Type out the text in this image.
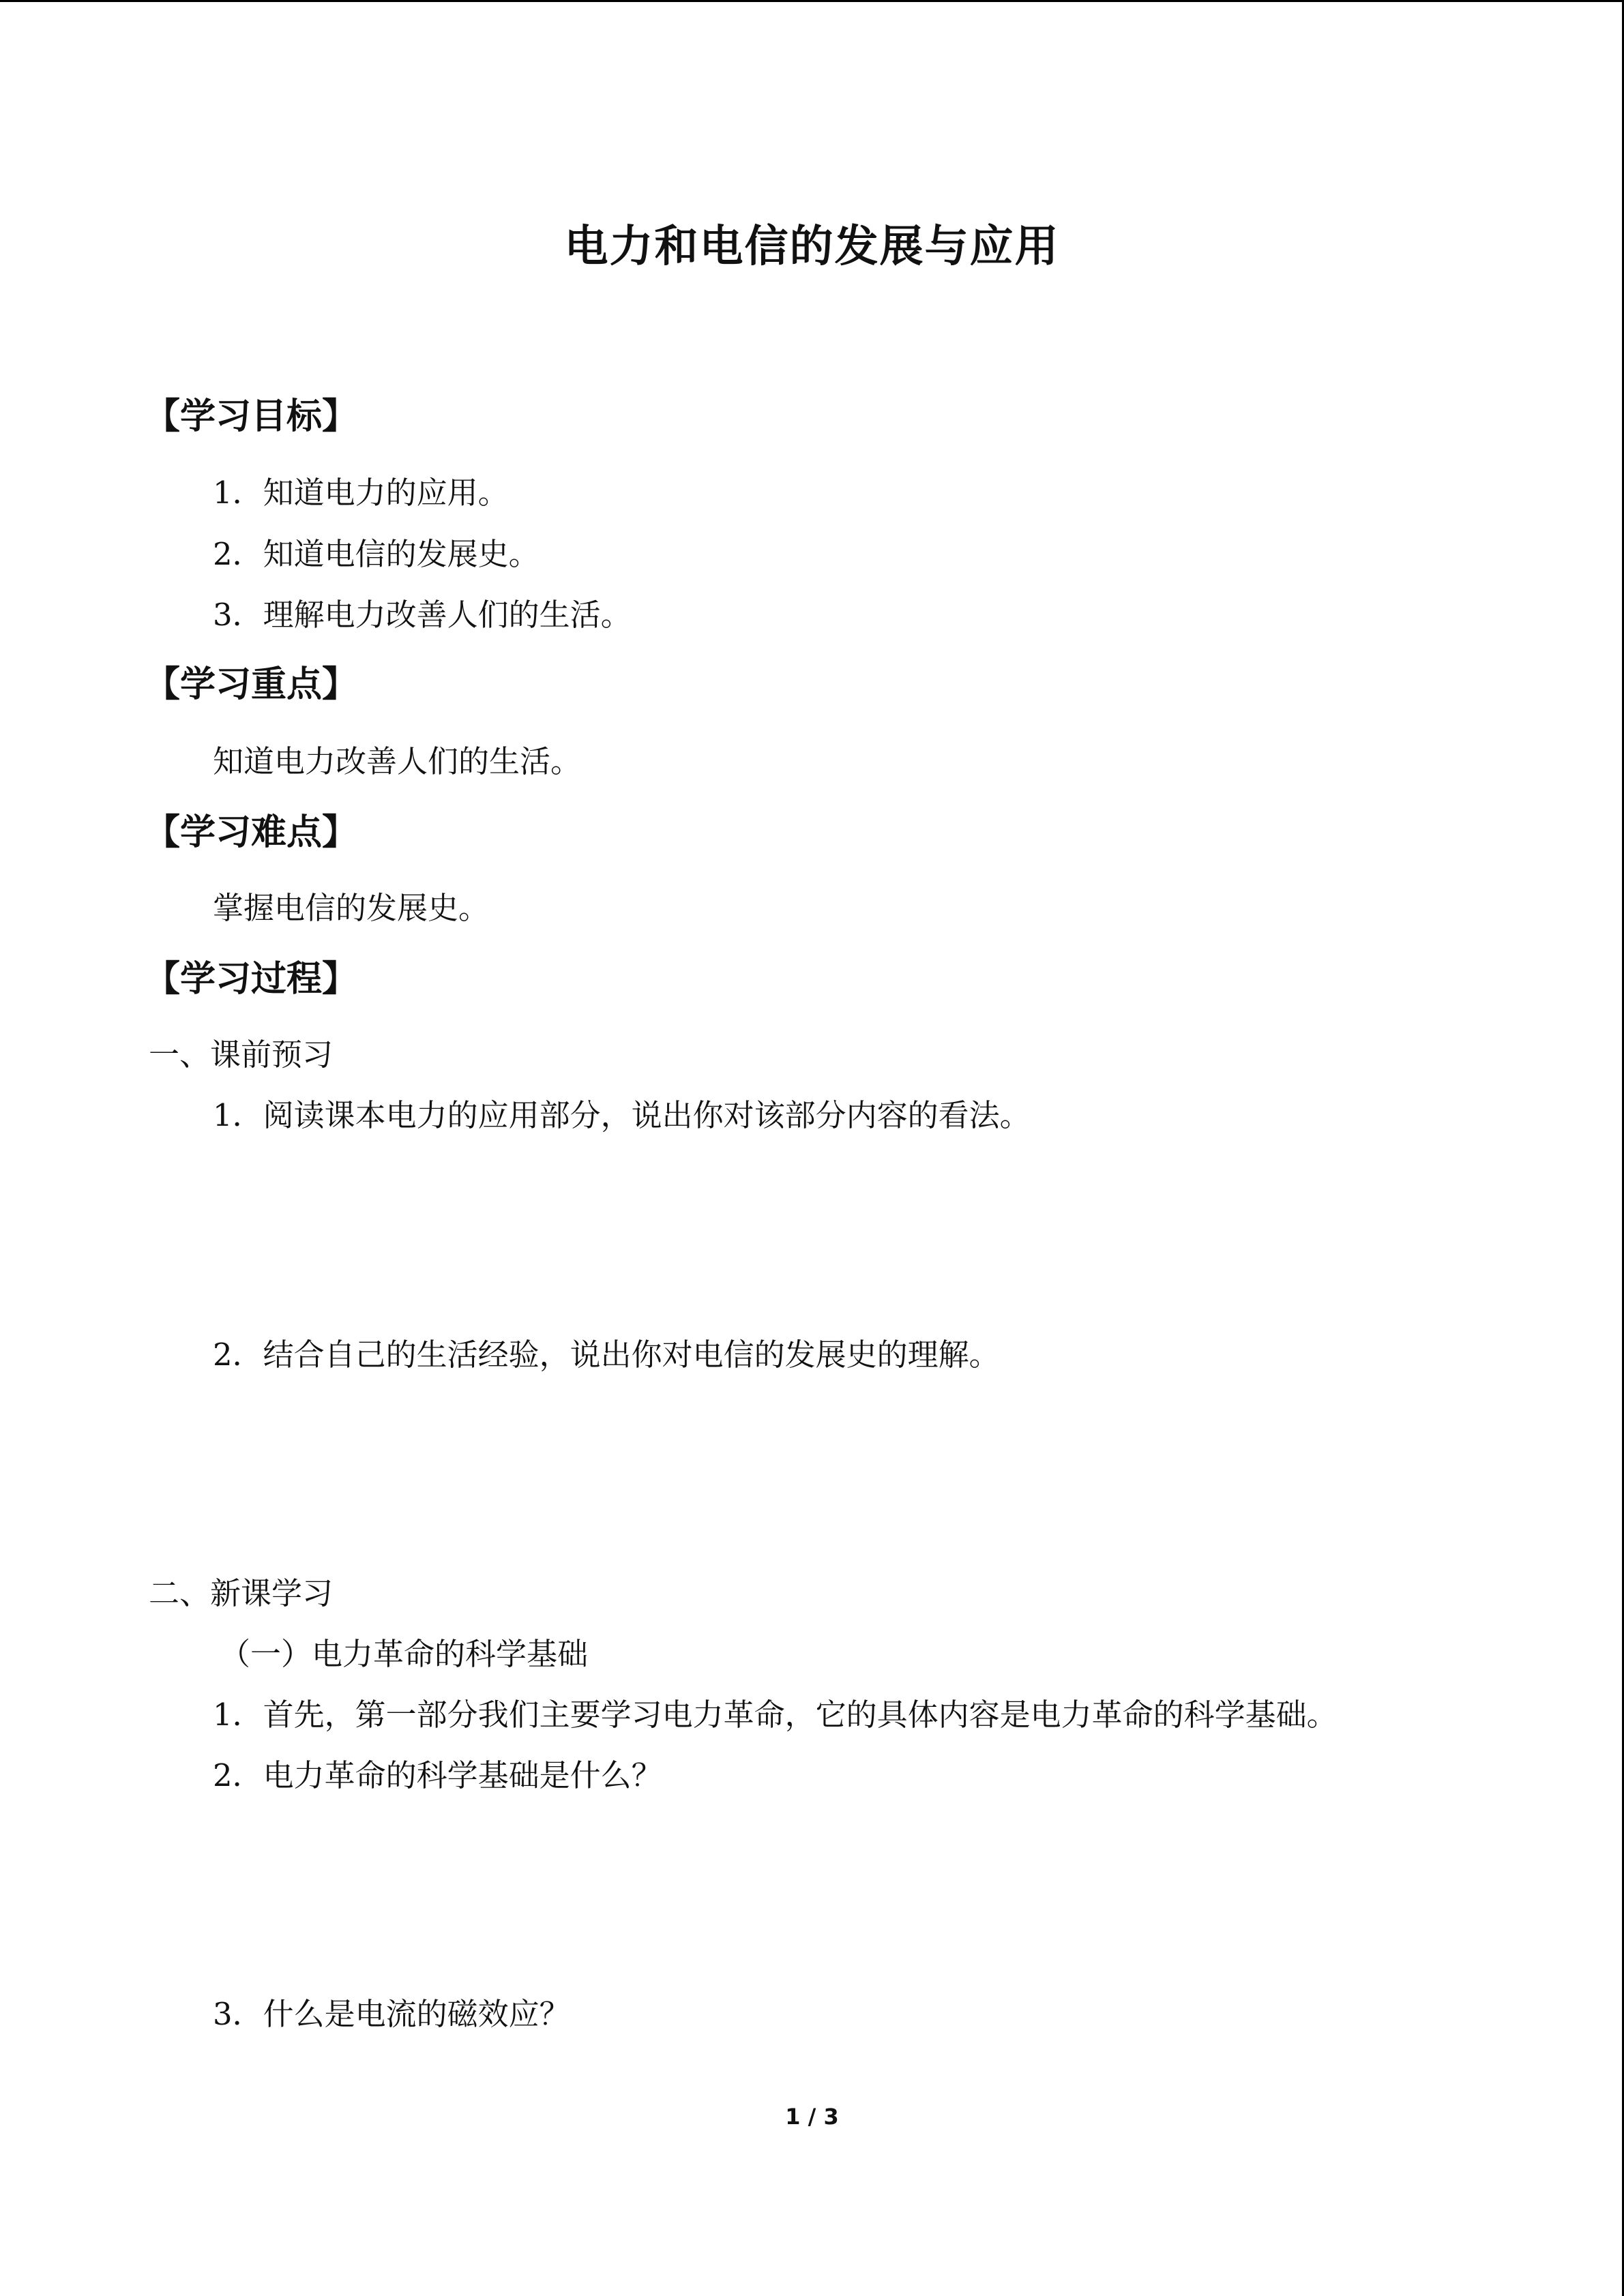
电力和电信的发展与应用
【学习目标】
1．知道电力的应用。
2．知道电信的发展史。
3．理解电力改善人们的生活。
【学习重点】
知道电力改善人们的生活。
【学习难点】
掌握电信的发展史。
【学习过程】
一、课前预习
1．阅读课本电力的应用部分，说出你对该部分内容的看法。
2．结合自己的生活经验，说出你对电信的发展史的理解。
二、新课学习
（一）电力革命的科学基础
1．首先，第一部分我们主要学习电力革命，它的具体内容是电力革命的科学基础。
2．电力革命的科学基础是什么？
3．什么是电流的磁效应？
1 / 3
